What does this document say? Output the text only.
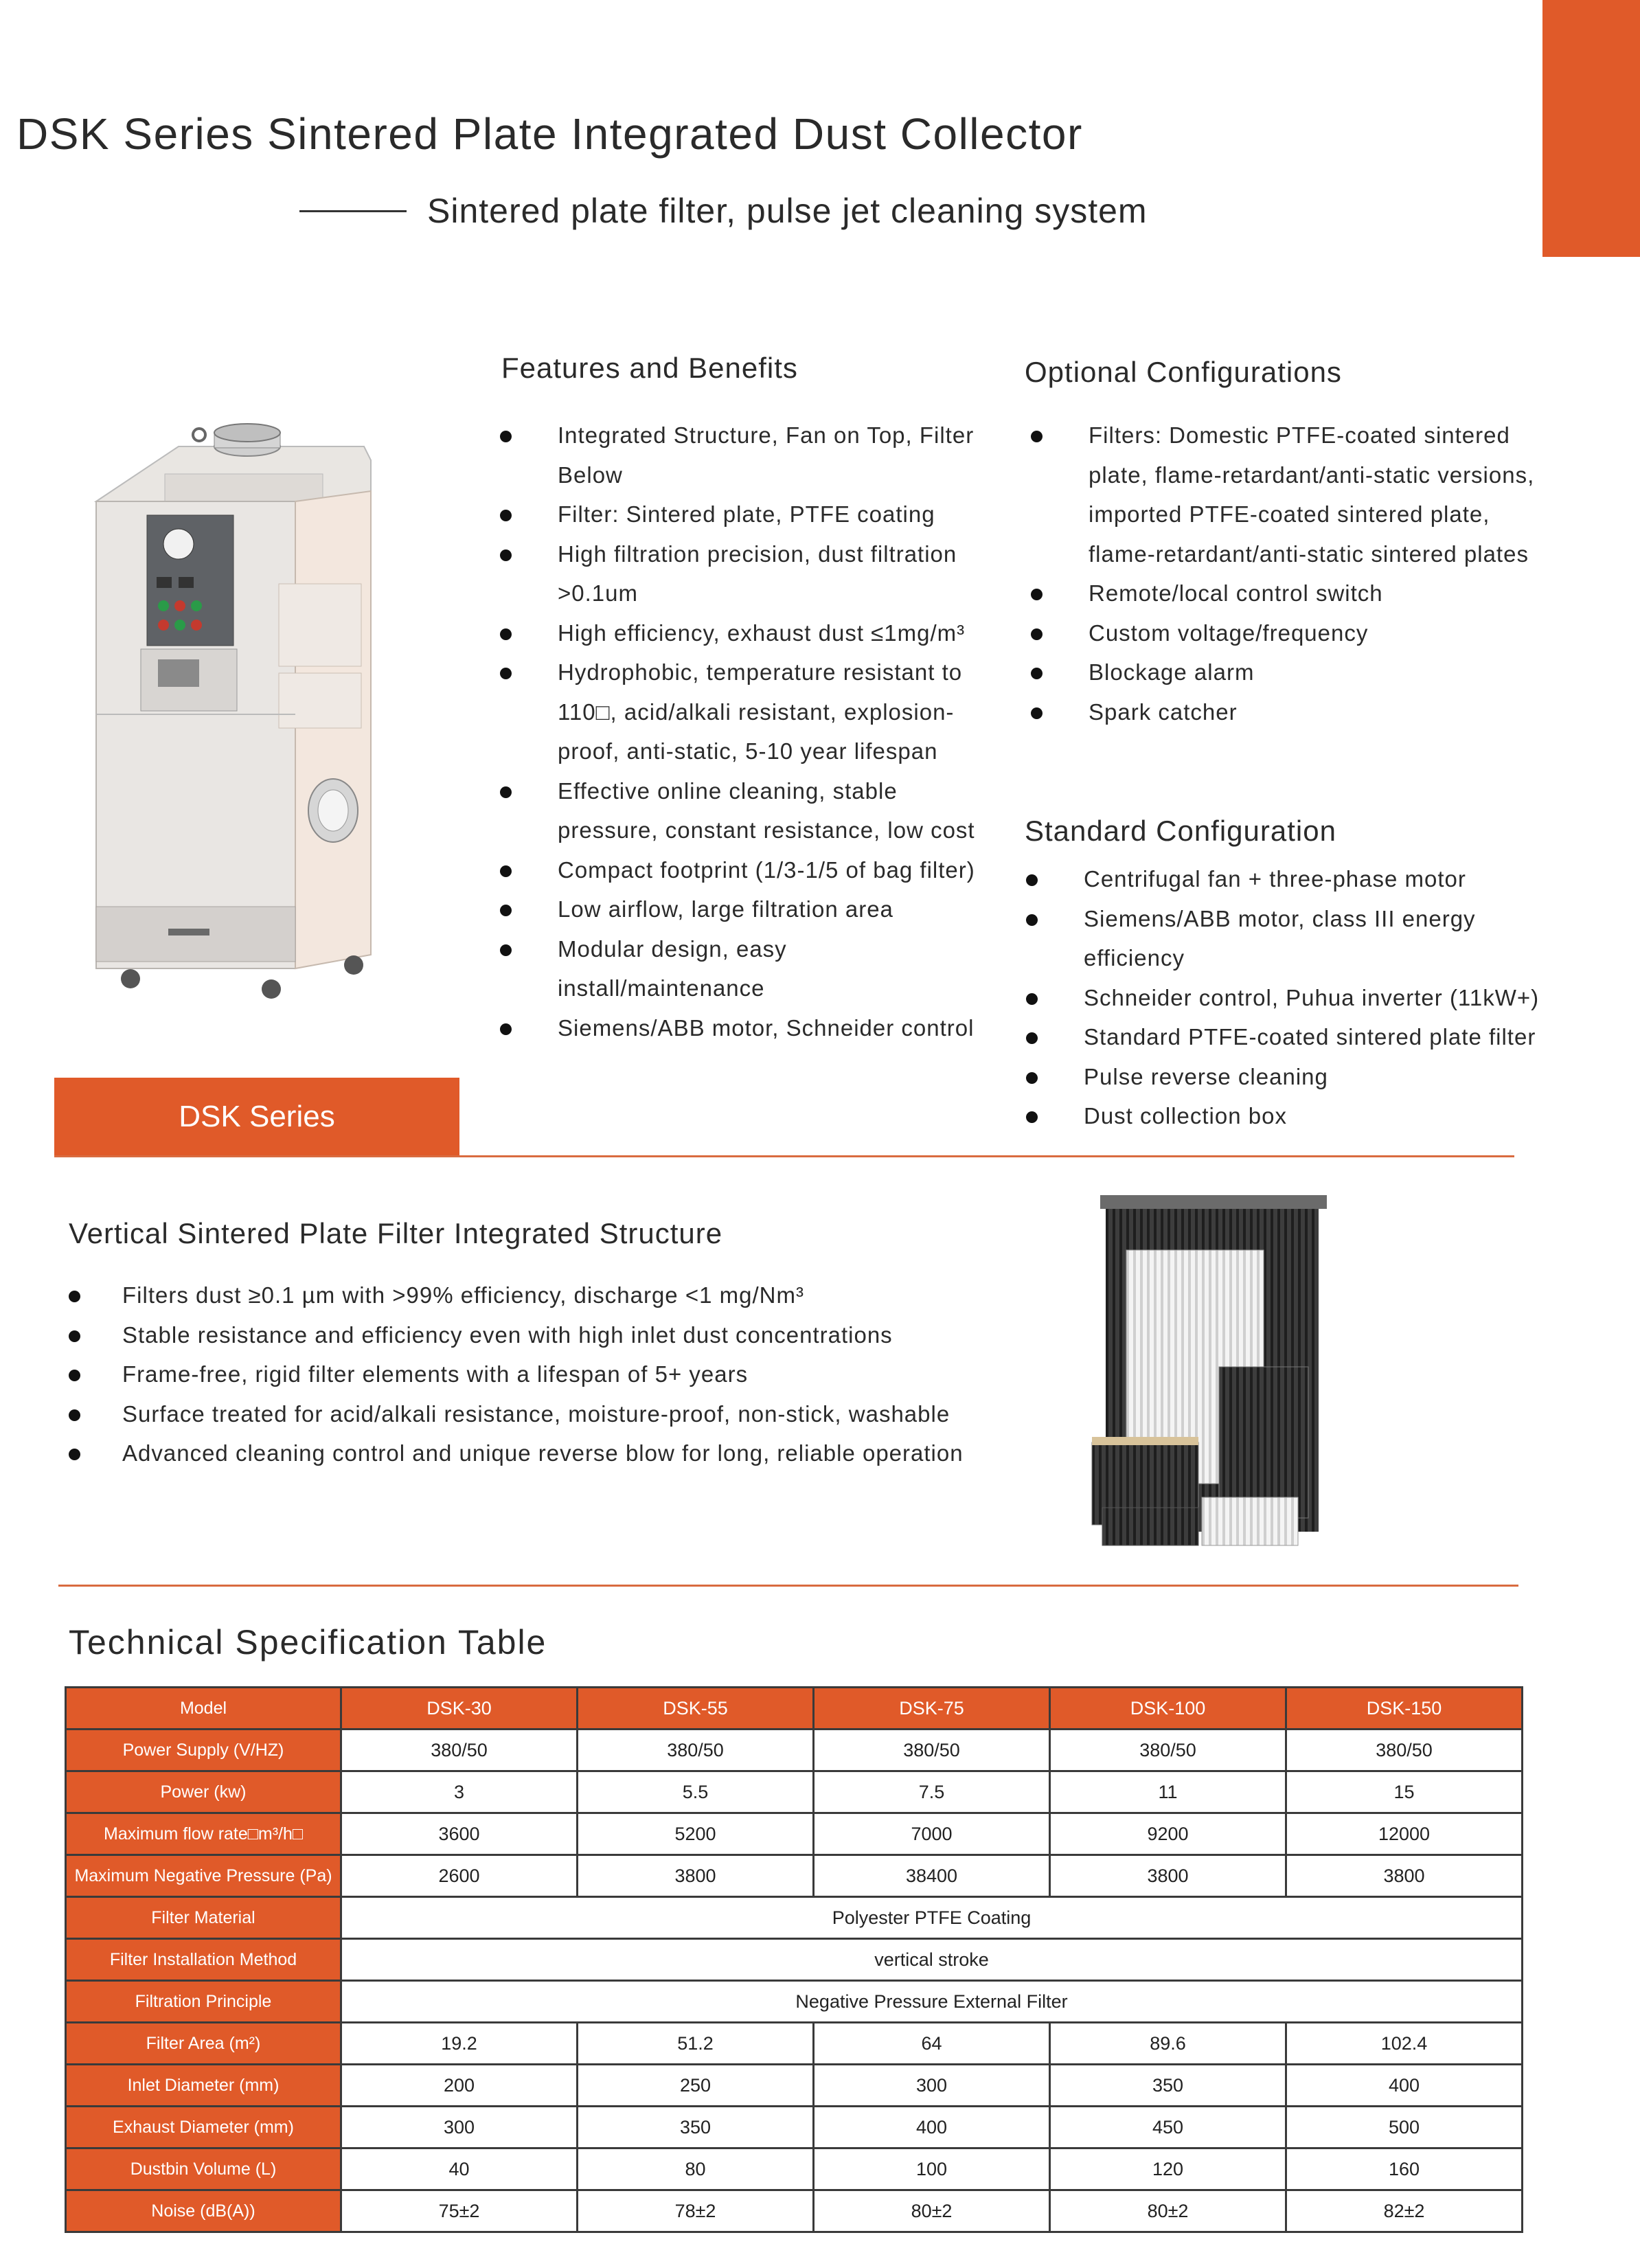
DSK Series Sintered Plate Integrated Dust Collector
Sintered plate filter, pulse jet cleaning system
DSK Series
Features and Benefits
Integrated Structure, Fan on Top, Filter Below
Filter: Sintered plate, PTFE coating
High filtration precision, dust filtration >0.1um
High efficiency, exhaust dust ≤1mg/m³
Hydrophobic, temperature resistant to 110□, acid/alkali resistant, explosion-proof, anti-static, 5-10 year lifespan
Effective online cleaning, stable pressure, constant resistance, low cost
Compact footprint (1/3-1/5 of bag filter)
Low airflow, large filtration area
Modular design, easy install/maintenance
Siemens/ABB motor, Schneider control
Optional Configurations
Filters: Domestic PTFE-coated sintered plate, flame-retardant/anti-static versions, imported PTFE-coated sintered plate, flame-retardant/anti-static sintered plates
Remote/local control switch
Custom voltage/frequency
Blockage alarm
Spark catcher
Standard Configuration
Centrifugal fan + three-phase motor
Siemens/ABB motor, class III energy efficiency
Schneider control, Puhua inverter (11kW+)
Standard PTFE-coated sintered plate filter
Pulse reverse cleaning
Dust collection box
Vertical Sintered Plate Filter Integrated Structure
Filters dust ≥0.1 µm with >99% efficiency, discharge <1 mg/Nm³
Stable resistance and efficiency even with high inlet dust concentrations
Frame-free, rigid filter elements with a lifespan of 5+ years
Surface treated for acid/alkali resistance, moisture-proof, non-stick, washable
Advanced cleaning control and unique reverse blow for long, reliable operation
Technical Specification Table
Model	DSK-30	DSK-55	DSK-75	DSK-100	DSK-150
Power Supply (V/HZ)	380/50	380/50	380/50	380/50	380/50
Power (kw)	3	5.5	7.5	11	15
Maximum flow rate□m³/h□	3600	5200	7000	9200	12000
Maximum Negative Pressure (Pa)	2600	3800	38400	3800	3800
Filter Material	Polyester PTFE Coating				
Filter Installation Method	vertical stroke				
Filtration Principle	Negative Pressure External Filter				
Filter Area (m²)	19.2	51.2	64	89.6	102.4
Inlet Diameter (mm)	200	250	300	350	400
Exhaust Diameter (mm)	300	350	400	450	500
Dustbin Volume (L)	40	80	100	120	160
Noise (dB(A))	75±2	78±2	80±2	80±2	82±2
